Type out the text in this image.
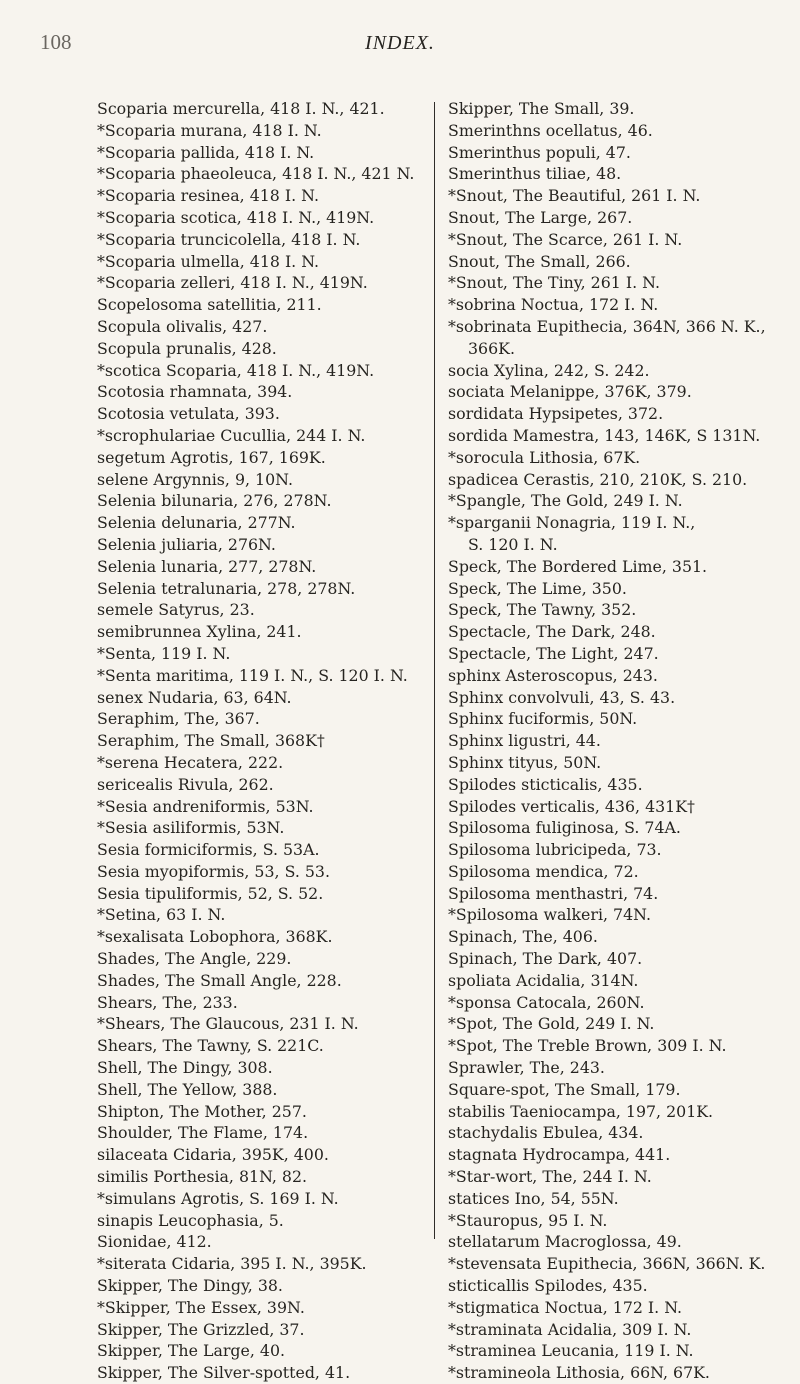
108	INDEX.
Scoparia mercurella, 418 I. N., 421.
*Scoparia murana, 418 I. N.
*Scoparia pallida, 418 I. N.
*Scoparia phaeoleuca, 418 I. N., 421 N.
*Scoparia resinea, 418 I. N.
*Scoparia scotica, 418 I. N., 419N.
*Scoparia truncicolella, 418 I. N.
*Scoparia ulmella, 418 I. N.
*Scoparia zelleri, 418 I. N., 419N.
Scopelosoma satellitia, 211.
Scopula olivalis, 427.
Scopula prunalis, 428.
*scotica Scoparia, 418 I. N., 419N.
Scotosia rhamnata, 394.
Scotosia vetulata, 393.
*scrophulariae Cucullia, 244 I. N.
segetum Agrotis, 167, 169K.
selene Argynnis, 9, 10N.
Selenia bilunaria, 276, 278N.
Selenia delunaria, 277N.
Selenia juliaria, 276N.
Selenia lunaria, 277, 278N.
Selenia tetralunaria, 278, 278N.
semele Satyrus, 23.
semibrunnea Xylina, 241.
*Senta, 119 I. N.
*Senta maritima, 119 I. N., S. 120 I. N.
senex Nudaria, 63, 64N.
Seraphim, The, 367.
Seraphim, The Small, 368K†
*serena Hecatera, 222.
sericealis Rivula, 262.
*Sesia andreniformis, 53N.
*Sesia asiliformis, 53N.
Sesia formiciformis, S. 53A.
Sesia myopiformis, 53, S. 53.
Sesia tipuliformis, 52, S. 52.
*Setina, 63 I. N.
*sexalisata Lobophora, 368K.
Shades, The Angle, 229.
Shades, The Small Angle, 228.
Shears, The, 233.
*Shears, The Glaucous, 231 I. N.
Shears, The Tawny, S. 221C.
Shell, The Dingy, 308.
Shell, The Yellow, 388.
Shipton, The Mother, 257.
Shoulder, The Flame, 174.
silaceata Cidaria, 395K, 400.
similis Porthesia, 81N, 82.
*simulans Agrotis, S. 169 I. N.
sinapis Leucophasia, 5.
Sionidae, 412.
*siterata Cidaria, 395 I. N., 395K.
Skipper, The Dingy, 38.
*Skipper, The Essex, 39N.
Skipper, The Grizzled, 37.
Skipper, The Large, 40.
Skipper, The Silver-spotted, 41.
Skipper, The Small, 39.
Smerinthns ocellatus, 46.
Smerinthus populi, 47.
Smerinthus tiliae, 48.
*Snout, The Beautiful, 261 I. N.
Snout, The Large, 267.
*Snout, The Scarce, 261 I. N.
Snout, The Small, 266.
*Snout, The Tiny, 261 I. N.
*sobrina Noctua, 172 I. N.
*sobrinata Eupithecia, 364N, 366 N. K.,
366K.
socia Xylina, 242, S. 242.
sociata Melanippe, 376K, 379.
sordidata Hypsipetes, 372.
sordida Mamestra, 143, 146K, S 131N.
*sorocula Lithosia, 67K.
spadicea Cerastis, 210, 210K, S. 210.
*Spangle, The Gold, 249 I. N.
*sparganii Nonagria, 119 I. N.,
S. 120 I. N.
Speck, The Bordered Lime, 351.
Speck, The Lime, 350.
Speck, The Tawny, 352.
Spectacle, The Dark, 248.
Spectacle, The Light, 247.
sphinx Asteroscopus, 243.
Sphinx convolvuli, 43, S. 43.
Sphinx fuciformis, 50N.
Sphinx ligustri, 44.
Sphinx tityus, 50N.
Spilodes sticticalis, 435.
Spilodes verticalis, 436, 431K†
Spilosoma fuliginosa, S. 74A.
Spilosoma lubricipeda, 73.
Spilosoma mendica, 72.
Spilosoma menthastri, 74.
*Spilosoma walkeri, 74N.
Spinach, The, 406.
Spinach, The Dark, 407.
spoliata Acidalia, 314N.
*sponsa Catocala, 260N.
*Spot, The Gold, 249 I. N.
*Spot, The Treble Brown, 309 I. N.
Sprawler, The, 243.
Square-spot, The Small, 179.
stabilis Taeniocampa, 197, 201K.
stachydalis Ebulea, 434.
stagnata Hydrocampa, 441.
*Star-wort, The, 244 I. N.
statices Ino, 54, 55N.
*Stauropus, 95 I. N.
stellatarum Macroglossa, 49.
*stevensata Eupithecia, 366N, 366N. K.
sticticallis Spilodes, 435.
*stigmatica Noctua, 172 I. N.
*straminata Acidalia, 309 I. N.
*straminea Leucania, 119 I. N.
*stramineola Lithosia, 66N, 67K.
